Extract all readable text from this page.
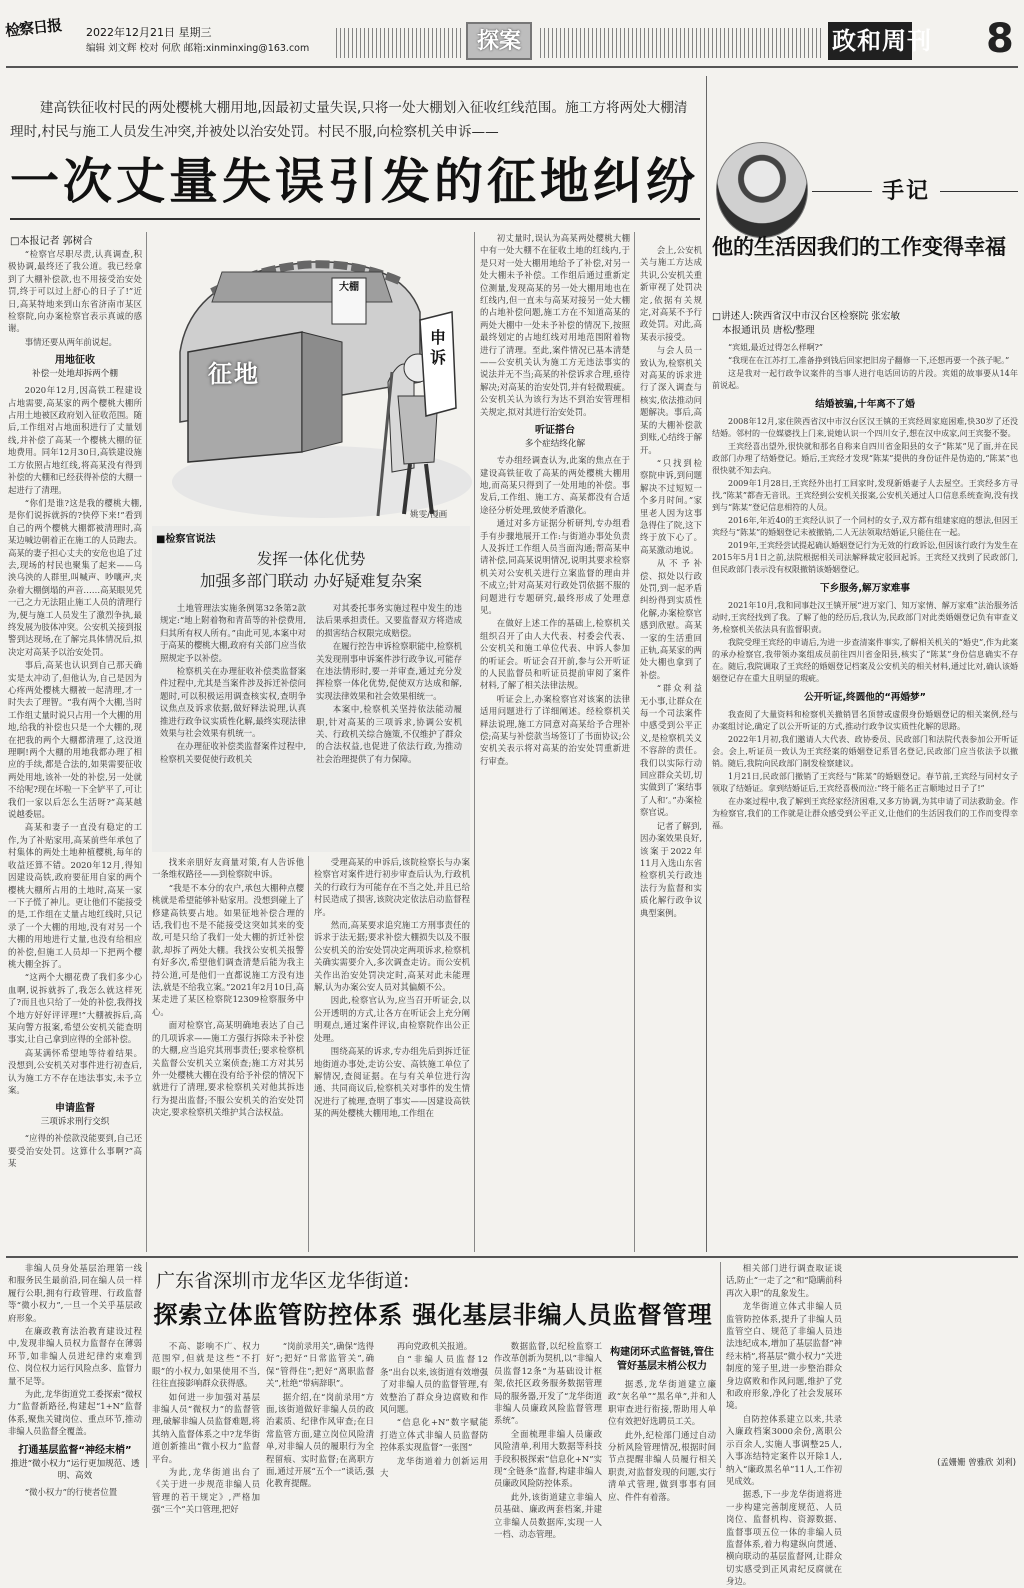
检察日报 2022年12月21日 星期三
编辑 刘文辉 校对 何欣 邮箱:xinminxing@163.com	探案	政和周刊	8
建高铁征收村民的两处樱桃大棚用地,因最初丈量失误,只将一处大棚划入征收红线范围。施工方将两处大棚清理时,村民与施工人员发生冲突,并被处以治安处罚。村民不服,向检察机关申诉——
一次丈量失误引发的征地纠纷
□本报记者 郭树合

“检察官尽职尽责,认真调查,积极协调,最终还了我公道。我已经拿到了大棚补偿款,也不用接受治安处罚,终于可以过上舒心的日子了!”近日,高某特地来到山东省济南市某区检察院,向办案检察官表示真诚的感谢。

事情还要从两年前说起。

用地征收
补偿一处地却拆两个棚

2020年12月,因高铁工程建设占地需要,高某家的两个樱桃大棚所占用土地被区政府划入征收范围。随后,工作组对占地面积进行了丈量划线,并补偿了高某一个樱桃大棚的征地费用。同年12月30日,高铁建设施工方依照占地红线,将高某没有得到补偿的大棚和已经获得补偿的大棚一起进行了清理。

“你们是谁?这是我的樱桃大棚,是你们说拆就拆的?快停下来!”看到自己的两个樱桃大棚都被清理时,高某边喊边朝着正在施工的人员跑去。高某的妻子担心丈夫的安危也追了过去,现场的村民也聚集了起来——乌泱乌泱的人群里,叫喊声、吵嚷声,夹杂着大棚倒塌的声音……高某眼见凭一己之力无法阻止施工人员的清理行为,便与施工人员发生了激烈争执,最终发展为肢体冲突。公安机关接到报警到达现场,在了解完具体情况后,拟决定对高某予以治安处罚。

事后,高某也认识到自己那天确实是太冲动了,但他认为,自己是因为心疼两处樱桃大棚被一起清理,才一时失去了理智。“我有两个大棚,当时工作组丈量时说只占用一个大棚的用地,给我的补偿也只是一个大棚的,现在把我的两个大棚都清理了,这没道理啊!两个大棚的用地我都办理了相应的手续,都是合法的,如果需要征收两处用地,该补一处的补偿,另一处就不给呢?现在坏啦一下全铲平了,可让我们一家以后怎么生活呀?”高某越说越委屈。

高某和妻子一直没有稳定的工作,为了补贴家用,高某前些年承包了村集体的两处土地种植樱桃,每年的收益还算不错。2020年12月,得知因建设高铁,政府要征用自家的两个樱桃大棚所占用的土地时,高某一家一下子慌了神儿。更让他们不能接受的是,工作组在丈量占地红线时,只记录了一个大棚的用地,没有对另一个大棚的用地进行丈量,也没有给相应的补偿,但施工人员却一下把两个樱桃大棚全拆了。

“这两个大棚花费了我们多少心血啊,说拆就拆了,我怎么就这样死了?而且也只给了一处的补偿,我得找个地方好好评评理!”大棚被拆后,高某向警方报案,希望公安机关能查明事实,让自己拿到应得的全部补偿。

高某满怀希望地等待着结果。没想到,公安机关对事件进行初查后,认为施工方不存在违法事实,未予立案。

申请监督
三项诉求刑行交织

“应得的补偿款没能要到,自己还要受治安处罚。这算什么事啊?”高某

大棚
征地
申诉
姚雯/漫画
■检察官说法
发挥一体化优势
加强多部门联动 办好疑难复杂案

土地管理法实施条例第32条第2款规定:“地上附着物和青苗等的补偿费用,归其所有权人所有。”由此可见,本案中对于高某的樱桃大棚,政府有关部门应当依照规定予以补偿。

检察机关在办理征收补偿类监督案件过程中,尤其是当案件涉及拆迁补偿问题时,可以积极运用调查核实权,查明争议焦点及诉求依据,做好释法说理,认真推进行政争议实质性化解,最终实现法律效果与社会效果有机统一。

在办理征收补偿类监督案件过程中,检察机关要促使行政机关

对其委托事务实施过程中发生的违法后果承担责任。又要监督双方将造成的损害结合权限完成赔偿。

在履行控告申诉检察职能中,检察机关发现刑事申诉案件涉行政争议,可能存在违法情形时,要一并审查,通过充分发挥检察一体化优势,促使双方达成和解,实现法律效果和社会效果相统一。

本案中,检察机关坚持依法能动履职,针对高某的三项诉求,协调公安机关、行政机关综合施策,不仅维护了群众的合法权益,也促进了依法行政,为推动社会治理提供了有力保障。

找来亲朋好友商量对策,有人告诉他一条维权路径——到检察院申诉。

“我是不本分的农户,承包大棚种点樱桃就是希望能够补贴家用。没想到碰上了修建高铁要占地。如果征地补偿合理的话,我们也不是不能接受这突如其来的变故,可是只给了我们一处大棚的折迁补偿款,却拆了两处大棚。我找公安机关报警有好多次,希望他们调查清楚后能为我主持公道,可是他们一直都说施工方没有违法,就是不给我立案。”2021年2月10日,高某走进了某区检察院12309检察服务中心。

面对检察官,高某明确地表达了自己的几项诉求——施工方强行拆除未予补偿的大棚,应当追究其刑事责任;要求检察机关监督公安机关立案侦查;施工方对其另外一处樱桃大棚在没有给予补偿的情况下就进行了清理,要求检察机关对他其拆违行为提出监督;不服公安机关的治安处罚决定,要求检察机关维护其合法权益。

受理高某的申诉后,该院检察长与办案检察官对案件进行初步审查后认为,行政机关的行政行为可能存在不当之处,并且已给村民造成了损害,该院决定依法启动监督程序。

然而,高某要求追究施工方刑事责任的诉求于法无据;要求补偿大棚损失以及不服公安机关的治安处罚决定两项诉求,检察机关确实需要介入,多次调查走访。而公安机关作出治安处罚决定时,高某对此未能理解,认为办案公安人员对其偏颇不公。

因此,检察官认为,应当召开听证会,以公开透明的方式,让各方在听证会上充分阐明观点,通过案件评议,由检察院作出公正处理。

围绕高某的诉求,专办组先后到拆迁征地街道办事处,走访公安、高铁施工单位了解情况,查阅证据。在与有关单位进行沟通、共同商议后,检察机关对事件的发生情况进行了梳理,查明了事实——因建设高铁某的两处樱桃大棚用地,工作组在

初丈量时,误认为高某两处樱桃大棚中有一处大棚不在征收土地的红线内,于是只对一处大棚用地给予了补偿,对另一处大棚未予补偿。工作组后通过重新定位测量,发现高某的另一处大棚用地也在红线内,但一直未与高某对接另一处大棚的占地补偿问题,施工方在不知道高某的两处大棚中一处未予补偿的情况下,按照最终划定的占地红线对用地范围附着物进行了清理。至此,案件情况已基本清楚——公安机关认为施工方无违法事实的说法并无不当;高某的补偿诉求合理,亟待解决;对高某的治安处罚,并有轻微瑕疵。公安机关认为该行为达不到治安管理相关规定,拟对其进行治安处罚。

听证搭台
多个症结终化解

专办组经调查认为,此案的焦点在于建设高铁征收了高某的两处樱桃大棚用地,而高某只得到了一处用地的补偿。事发后,工作组、施工方、高某都没有合适途径分析处理,致使矛盾激化。

通过对多方证据分析研判,专办组看手有步骤地展开工作:与街道办事处负责人及拆迁工作组人员当面沟通;帮高某申请补偿,同高某说明情况,说明其要求检察机关对公安机关进行立案监督的理由并不成立;针对高某对行政处罚依据不服的问题进行专题研究,最终形成了处理意见。

在做好上述工作的基础上,检察机关组织召开了由人大代表、村委会代表、公安机关和施工单位代表、申诉人参加的听证会。听证会召开前,参与公开听证的人民监督员和听证员提前审阅了案件材料,了解了相关法律法规。

听证会上,办案检察官对该案的法律适用问题进行了详细阐述。经检察机关释法说理,施工方同意对高某给予合理补偿;高某与补偿款当场签订了书面协议;公安机关表示将对高某的治安处罚重新进行审查。

会上,公安机关与施工方达成共识,公安机关重新审视了处罚决定,依据有关规定,对高某不予行政处罚。对此,高某表示接受。

与会人员一致认为,检察机关对高某的诉求进行了深入调查与核实,依法推动问题解决。事后,高某的大棚补偿款到账,心结终于解开。

“只找到检察院申诉,到问题解决不过短短一个多月时间。”家里老人因为这事急得住了院,这下终于放下心了。高某激动地说。

从不予补偿、拟处以行政处罚,到一起矛盾纠纷得到实质性化解,办案检察官感到欣慰。高某一家的生活重回正轨,高某家的两处大棚也拿到了补偿。

“群众利益无小事,让群众在每一个司法案件中感受到公平正义,是检察机关义不容辞的责任。我们以实际行动回应群众关切,切实做到了‘案结事了人和’。”办案检察官说。

记者了解到,因办案效果良好,该案于2022年11月入选山东省检察机关行政违法行为监督和实质化解行政争议典型案例。

手记
他的生活因我们的工作变得幸福
□讲述人:陕西省汉中市汉台区检察院 张宏敏
本报通讯员 唐松/整理

“宾姐,最近过得怎么样啊?”

“我现在在江苏打工,准备挣到钱后回家把旧房子翻修一下,还想再要一个孩子呢。”

这是我对一起行政争议案件的当事人进行电话回访的片段。宾姐的故事要从14年前说起。

结婚被骗,十年离不了婚

2008年12月,家住陕西省汉中市汉台区汉王镇的王宾经周家庭困难,快30岁了还没结婚。邻村的一位媒婆找上门来,说她认识一个四川女子,想在汉中成家,问王宾娶不娶。

王宾经喜出望外,很快就和那名自称来自四川省金阳县的女子“陈某”见了面,并在民政部门办理了结婚登记。婚后,王宾经才发现“陈某”提供的身份证件是伪造的,“陈某”也很快就不知去向。

2009年1月28日,王宾经外出打工回家时,发现新婚妻子人去屋空。王宾经多方寻找,“陈某”都杳无音讯。王宾经到公安机关报案,公安机关通过人口信息系统查询,没有找到与“陈某”登记信息相符的人员。

2016年,年近40的王宾经认识了一个同村的女子,双方都有组建家庭的想法,但因王宾经与“陈某”的婚姻登记未被撤销,二人无法领取结婚证,只能住在一起。

2019年,王宾经尝试提起确认婚姻登记行为无效的行政诉讼,但因该行政行为发生在2015年5月1日之前,法院根据相关司法解释裁定驳回起诉。王宾经又找到了民政部门,但民政部门表示没有权限撤销该婚姻登记。

下乡服务,解万家难事

2021年10月,我和同事赴汉王镇开展“进万家门、知万家情、解万家难”法治服务活动时,王宾经找到了我。了解了他的经历后,我认为,民政部门对此类婚姻登记负有审查义务,检察机关依法具有监督职责。

我院受理王宾经的申请后,为进一步查清案件事实,了解相关机关的“婚史”,作为此案的承办检察官,我带领办案组成员前往四川省金阳县,核实了“陈某”身份信息确实不存在。随后,我院调取了王宾经的婚姻登记档案及公安机关的相关材料,通过比对,确认该婚姻登记存在重大且明显的瑕疵。

公开听证,终圆他的“再婚梦”

我查阅了大量资料和检察机关撤销冒名顶替或虚假身份婚姻登记的相关案例,经与办案组讨论,确定了以公开听证的方式,推动行政争议实质性化解的思路。

2022年1月初,我们邀请人大代表、政协委员、民政部门和法院代表参加公开听证会。会上,听证员一致认为王宾经案的婚姻登记系冒名登记,民政部门应当依法予以撤销。随后,我院向民政部门制发检察建议。

1月21日,民政部门撤销了王宾经与“陈某”的婚姻登记。春节前,王宾经与同村女子领取了结婚证。拿到结婚证后,王宾经喜极而泣:“终于能名正言顺地过日子了!”

在办案过程中,我了解到王宾经家经济困难,又多方协调,为其申请了司法救助金。作为检察官,我们的工作就是让群众感受到公平正义,让他们的生活因我们的工作而变得幸福。

非编人员身处基层治理第一线和服务民生最前沿,同在编人员一样履行公职,拥有行政管理、行政监督等“微小权力”,一旦一个关乎基层政府形象。

在廉政教育法治教育建设过程中,发现非编人员权力监督存在薄弱环节,如非编人员进纪律约束难到位、岗位权力运行风险点多、监督力量不足等。

为此,龙华街道党工委探索“微权力”监督新路径,构建起“1+N”监督体系,聚焦关键岗位、重点环节,推动非编人员监督全覆盖。

打通基层监督“神经末梢”
推进“微小权力”运行更加规范、透明、高效

“微小权力”的行使者位置

广东省深圳市龙华区龙华街道:
探索立体监管防控体系 强化基层非编人员监督管理

不高、影响不广、权力范围窄,但就是这些“不打眼”的小权力,如果使用不当,往往直接影响群众获得感。

如何进一步加强对基层非编人员“微权力”的监督管理,破解非编人员监督难题,将其纳入监督体系之中?龙华街道创新推出“微小权力”监督平台。

为此,龙华街道出台了《关于进一步规范非编人员管理的若干规定》,严格加强“三个”关口管理,把好

“岗前录用关”,确保“选得好”;把好“日常监管关”,确保“管得住”;把好“离职监督关”,杜绝“带病辞职”。

据介绍,在“岗前录用”方面,该街道做好非编人员的政治素质、纪律作风审查;在日常监管方面,建立岗位风险清单,对非编人员的履职行为全程留痕、实时监督;在离职方面,通过开展“五个一”谈话,强化教育提醒。

再向党政机关报道。

自“非编人员监督12条”出台以来,该街道有效增强了对非编人员的监督管理,有效整治了群众身边腐败和作风问题。

“信息化+N”数字赋能 打造立体式非编人员监督防控体系实现监督“一张图”

龙华街道着力创新运用大

数据监督,以纪检监察工作改革创新为契机,以“非编人员监督12条”为基础设计框架,依托区政务服务数据管理局的服务器,开发了“龙华街道非编人员廉政风险监督管理系统”。

全面梳理非编人员廉政风险清单,利用大数据等科技手段积极探索“信息化+N”实现“全链条”监督,构建非编人员廉政风险防控体系。

此外,该街道建立非编人员基础、廉政两套档案,并建立非编人员数据库,实现一人一档、动态管理。

构建闭环式监督链,管住管好基层末梢公权力

据悉,龙华街道建立廉政“灰名单”“黑名单”,并和人职审查进行衔接,帮助用人单位有效把好选聘员工关。

此外,纪检部门通过自动分析风险管理情况,根据时间节点提醒非编人员履行相关职责,对监督发现的问题,实行清单式管理,做到事事有回应、件件有着落。

相关部门进行调查取证谈话,防止“一走了之”和“隐瞒前科再次入职”的乱象发生。

龙华街道立体式非编人员监管防控体系,提升了非编人员监管空白、规范了非编人员违法违纪成本,增加了基层监督“神经末梢”,将基层“微小权力”关进制度的笼子里,进一步整治群众身边腐败和作风问题,维护了党和政府形象,净化了社会发展环境。

自防控体系建立以来,共录入廉政档案3000余份,离职公示百余人,实施人事调整25人,入事冻结特定案件以开除1人,纳入“廉政黑名单”11人,工作初见成效。

据悉,下一步龙华街道将进一步构建完善制度规范、人员岗位、监督机构、资源数据、监督事项五位一体的非编人员监督体系,着力构建纵向贯通、横向联动的基层监督网,让群众切实感受到正风肃纪反腐就在身边。

(孟姗姗 曾雅欣 刘利)
